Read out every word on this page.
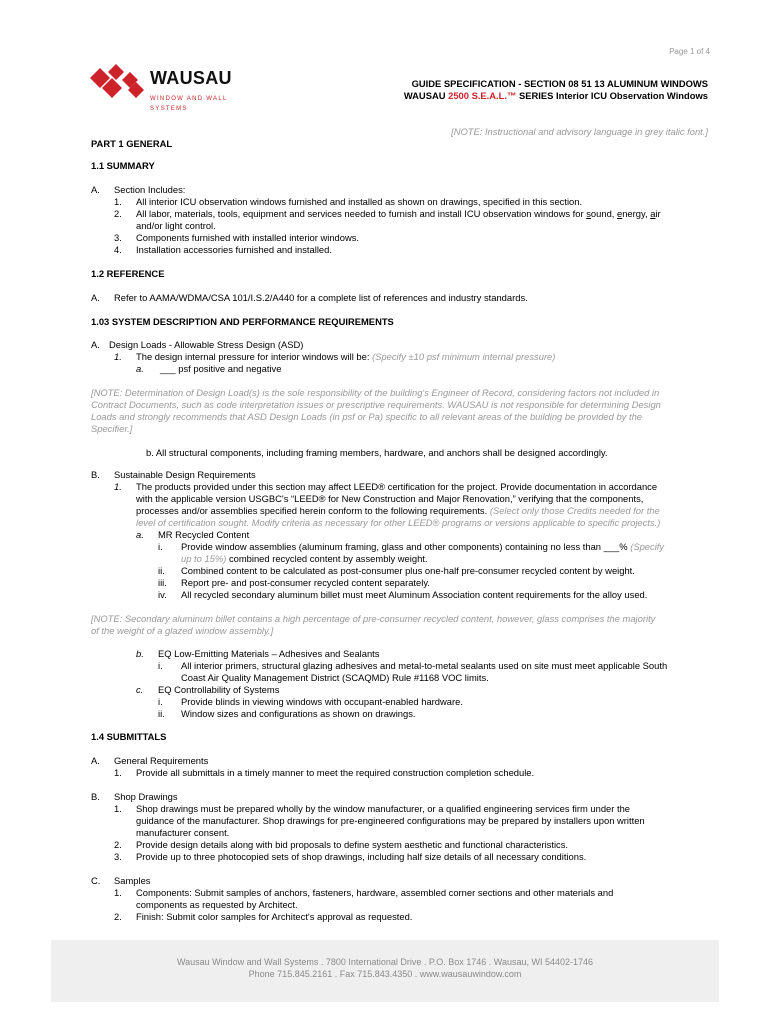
Page 1 of 4
WAUSAU
WINDOW AND WALL
SYSTEMS
GUIDE SPECIFICATION - SECTION 08 51 13 ALUMINUM WINDOWS
WAUSAU 2500 S.E.A.L.™ SERIES Interior ICU Observation Windows
[NOTE: Instructional and advisory language in grey italic font.]
PART 1 GENERAL
1.1 SUMMARY
A. Section Includes:
1. All interior ICU observation windows furnished and installed as shown on drawings, specified in this section.
2. All labor, materials, tools, equipment and services needed to furnish and install ICU observation windows for sound, energy, air
and/or light control.
3. Components furnished with installed interior windows.
4. Installation accessories furnished and installed.
1.2 REFERENCE
A. Refer to AAMA/WDMA/CSA 101/I.S.2/A440 for a complete list of references and industry standards.
1.03 SYSTEM DESCRIPTION AND PERFORMANCE REQUIREMENTS
A. Design Loads - Allowable Stress Design (ASD)
1. The design internal pressure for interior windows will be: (Specify ±10 psf minimum internal pressure)
a. ___ psf positive and negative
[NOTE: Determination of Design Load(s) is the sole responsibility of the building's Engineer of Record, considering factors not included in
Contract Documents, such as code interpretation issues or prescriptive requirements. WAUSAU is not responsible for determining Design
Loads and strongly recommends that ASD Design Loads (in psf or Pa) specific to all relevant areas of the building be provided by the
Specifier.]
b. All structural components, including framing members, hardware, and anchors shall be designed accordingly.
B. Sustainable Design Requirements
1. The products provided under this section may affect LEED® certification for the project. Provide documentation in accordance
with the applicable version USGBC's “LEED® for New Construction and Major Renovation,” verifying that the components,
processes and/or assemblies specified herein conform to the following requirements. (Select only those Credits needed for the
level of certification sought. Modify criteria as necessary for other LEED® programs or versions applicable to specific projects.)
a. MR Recycled Content
i. Provide window assemblies (aluminum framing, glass and other components) containing no less than ___% (Specify
up to 15%) combined recycled content by assembly weight.
ii. Combined content to be calculated as post-consumer plus one-half pre-consumer recycled content by weight.
iii. Report pre- and post-consumer recycled content separately.
iv. All recycled secondary aluminum billet must meet Aluminum Association content requirements for the alloy used.
[NOTE: Secondary aluminum billet contains a high percentage of pre-consumer recycled content, however, glass comprises the majority
of the weight of a glazed window assembly.]
b. EQ Low-Emitting Materials – Adhesives and Sealants
i. All interior primers, structural glazing adhesives and metal-to-metal sealants used on site must meet applicable South
Coast Air Quality Management District (SCAQMD) Rule #1168 VOC limits.
c. EQ Controllability of Systems
i. Provide blinds in viewing windows with occupant-enabled hardware.
ii. Window sizes and configurations as shown on drawings.
1.4 SUBMITTALS
A. General Requirements
1. Provide all submittals in a timely manner to meet the required construction completion schedule.
B. Shop Drawings
1. Shop drawings must be prepared wholly by the window manufacturer, or a qualified engineering services firm under the
guidance of the manufacturer. Shop drawings for pre-engineered configurations may be prepared by installers upon written
manufacturer consent.
2. Provide design details along with bid proposals to define system aesthetic and functional characteristics.
3. Provide up to three photocopied sets of shop drawings, including half size details of all necessary conditions.
C. Samples
1. Components: Submit samples of anchors, fasteners, hardware, assembled corner sections and other materials and
components as requested by Architect.
2. Finish: Submit color samples for Architect's approval as requested.
Wausau Window and Wall Systems . 7800 International Drive . P.O. Box 1746 . Wausau, WI 54402-1746
Phone 715.845.2161 . Fax 715.843.4350 . www.wausauwindow.com
